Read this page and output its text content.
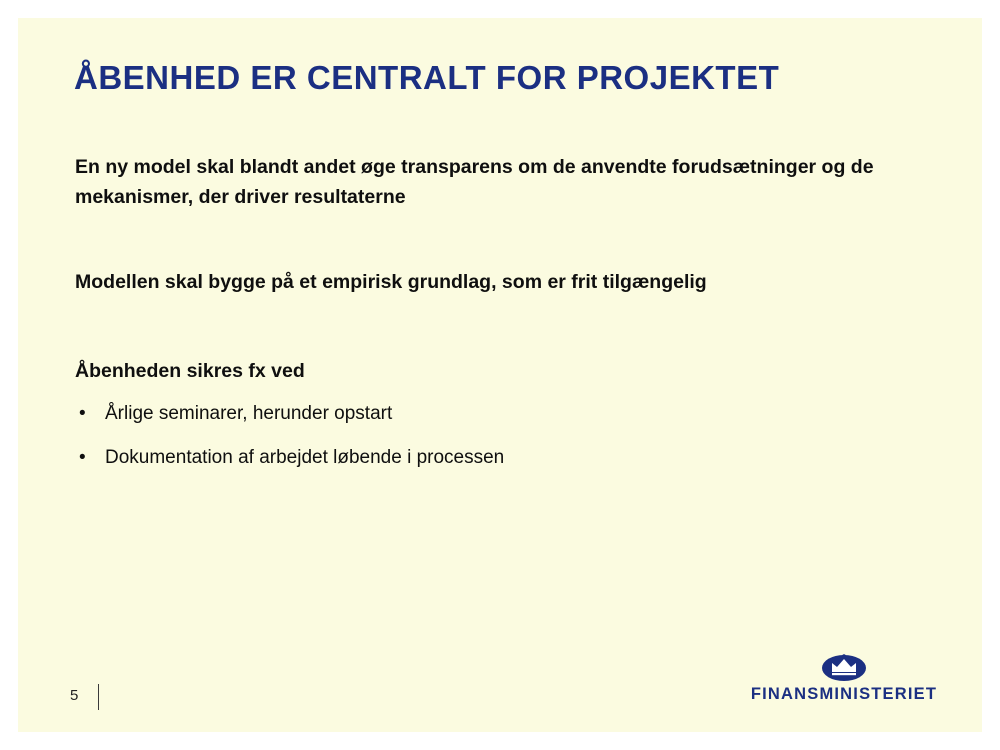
ÅBENHED ER CENTRALT FOR PROJEKTET

En ny model skal blandt andet øge transparens om de anvendte forudsætninger og de mekanismer, der driver resultaterne

Modellen skal bygge på et empirisk grundlag, som er frit tilgængelig

Åbenheden sikres fx ved

• Årlige seminarer, herunder opstart
• Dokumentation af arbejdet løbende i processen
5	FINANSMINISTERIET
